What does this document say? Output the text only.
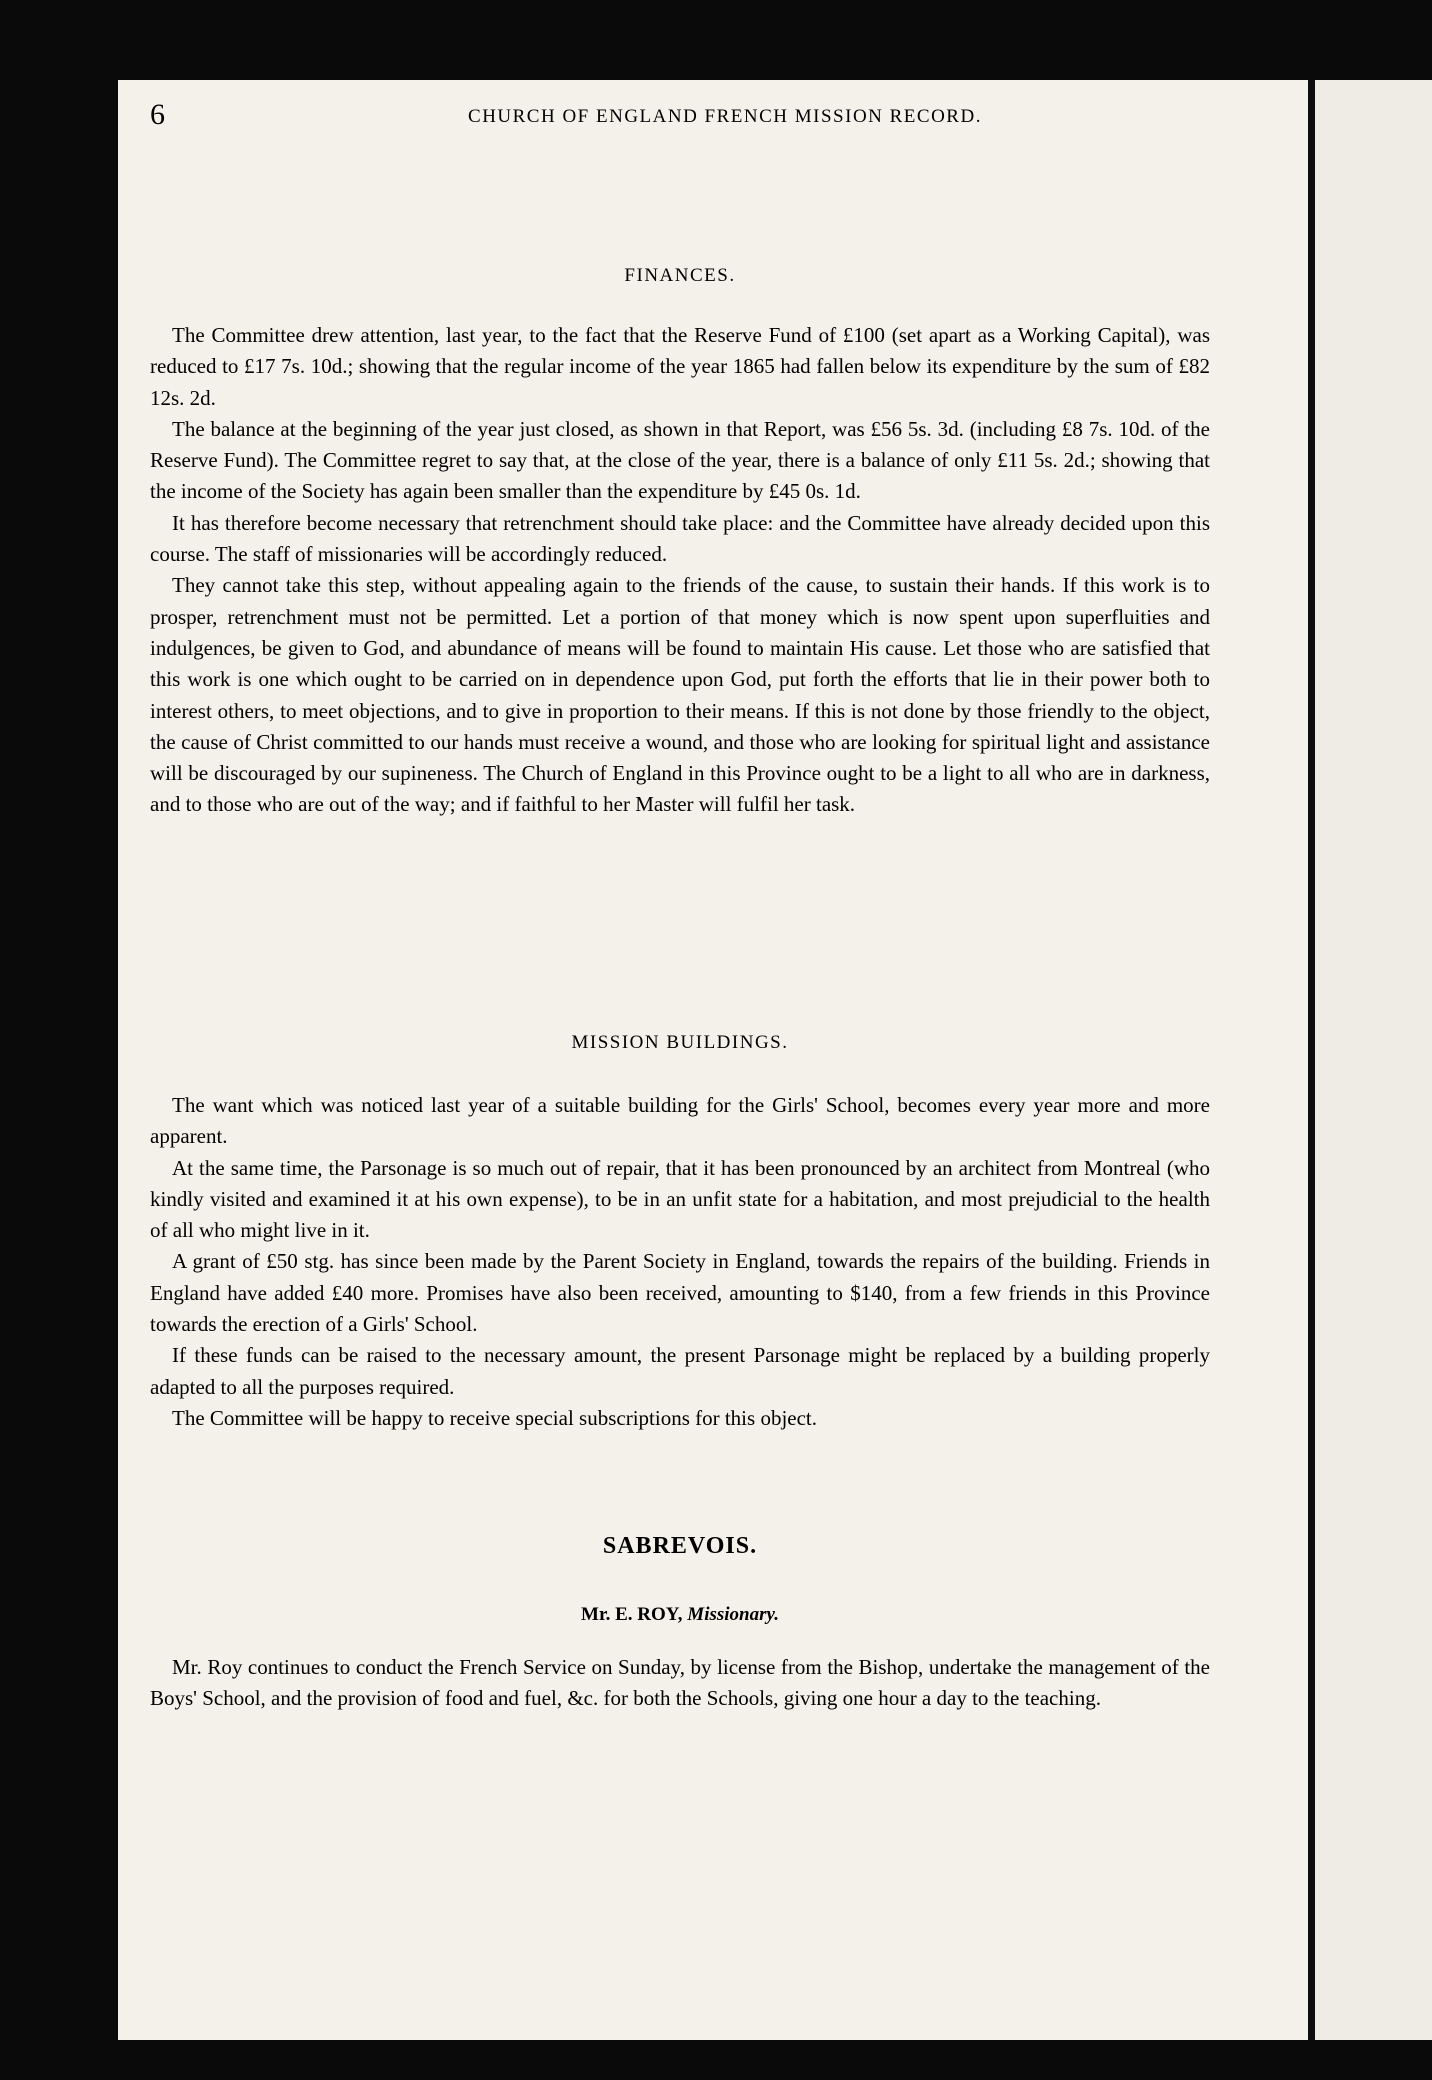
6	CHURCH OF ENGLAND FRENCH MISSION RECORD.
FINANCES.

The Committee drew attention, last year, to the fact that the Reserve Fund of £100 (set apart as a Working Capital), was reduced to £17 7s. 10d.; showing that the regular income of the year 1865 had fallen below its expenditure by the sum of £82 12s. 2d.

The balance at the beginning of the year just closed, as shown in that Report, was £56 5s. 3d. (including £8 7s. 10d. of the Reserve Fund). The Committee regret to say that, at the close of the year, there is a balance of only £11 5s. 2d.; showing that the income of the Society has again been smaller than the expenditure by £45 0s. 1d.

It has therefore become necessary that retrenchment should take place: and the Committee have already decided upon this course. The staff of missionaries will be accordingly reduced.

They cannot take this step, without appealing again to the friends of the cause, to sustain their hands. If this work is to prosper, retrenchment must not be permitted. Let a portion of that money which is now spent upon superfluities and indulgences, be given to God, and abundance of means will be found to maintain His cause. Let those who are satisfied that this work is one which ought to be carried on in dependence upon God, put forth the efforts that lie in their power both to interest others, to meet objections, and to give in proportion to their means. If this is not done by those friendly to the object, the cause of Christ committed to our hands must receive a wound, and those who are looking for spiritual light and assistance will be discouraged by our supineness. The Church of England in this Province ought to be a light to all who are in darkness, and to those who are out of the way; and if faithful to her Master will fulfil her task.

MISSION BUILDINGS.

The want which was noticed last year of a suitable building for the Girls' School, becomes every year more and more apparent.

At the same time, the Parsonage is so much out of repair, that it has been pronounced by an architect from Montreal (who kindly visited and examined it at his own expense), to be in an unfit state for a habitation, and most prejudicial to the health of all who might live in it.

A grant of £50 stg. has since been made by the Parent Society in England, towards the repairs of the building. Friends in England have added £40 more. Promises have also been received, amounting to $140, from a few friends in this Province towards the erection of a Girls' School.

If these funds can be raised to the necessary amount, the present Parsonage might be replaced by a building properly adapted to all the purposes required.

The Committee will be happy to receive special subscriptions for this object.

SABREVOIS.
Mr. E. ROY, Missionary.

Mr. Roy continues to conduct the French Service on Sunday, by license from the Bishop, undertake the management of the Boys' School, and the provision of food and fuel, &c. for both the Schools, giving one hour a day to the teaching.
